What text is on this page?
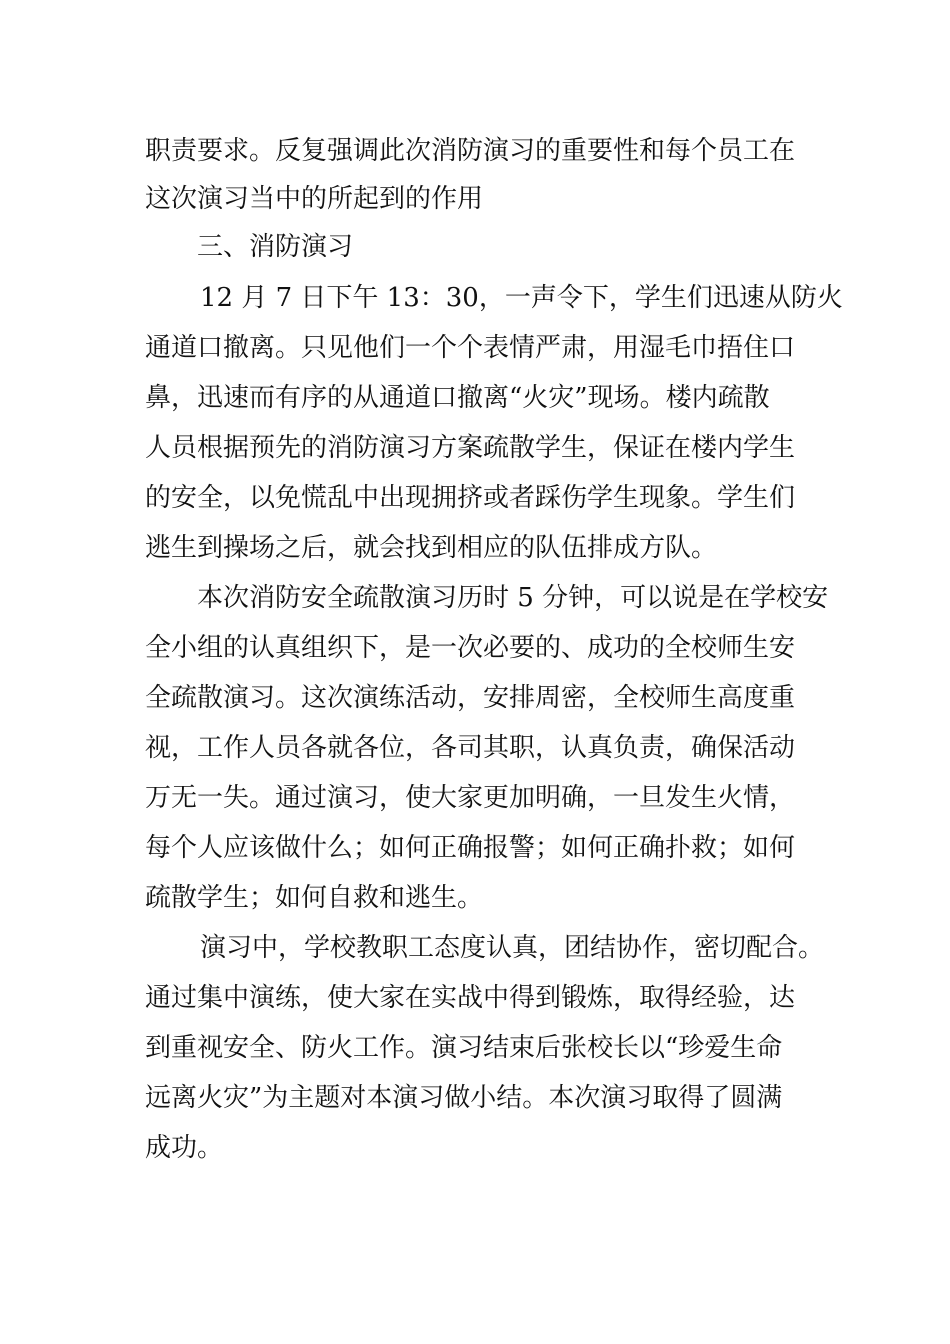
职责要求。反复强调此次消防演习的重要性和每个员工在
这次演习当中的所起到的作用
三、消防演习
12 月 7 日下午 13：30，一声令下，学生们迅速从防火
通道口撤离。只见他们一个个表情严肃，用湿毛巾捂住口
鼻，迅速而有序的从通道口撤离“火灾”现场。楼内疏散
人员根据预先的消防演习方案疏散学生，保证在楼内学生
的安全，以免慌乱中出现拥挤或者踩伤学生现象。学生们
逃生到操场之后，就会找到相应的队伍排成方队。
本次消防安全疏散演习历时 5 分钟，可以说是在学校安
全小组的认真组织下，是一次必要的、成功的全校师生安
全疏散演习。这次演练活动，安排周密，全校师生高度重
视，工作人员各就各位，各司其职，认真负责，确保活动
万无一失。通过演习，使大家更加明确，一旦发生火情，
每个人应该做什么；如何正确报警；如何正确扑救；如何
疏散学生；如何自救和逃生。
演习中，学校教职工态度认真，团结协作，密切配合。
通过集中演练，使大家在实战中得到锻炼，取得经验，达
到重视安全、防火工作。演习结束后张校长以“珍爱生命
远离火灾”为主题对本演习做小结。本次演习取得了圆满
成功。
